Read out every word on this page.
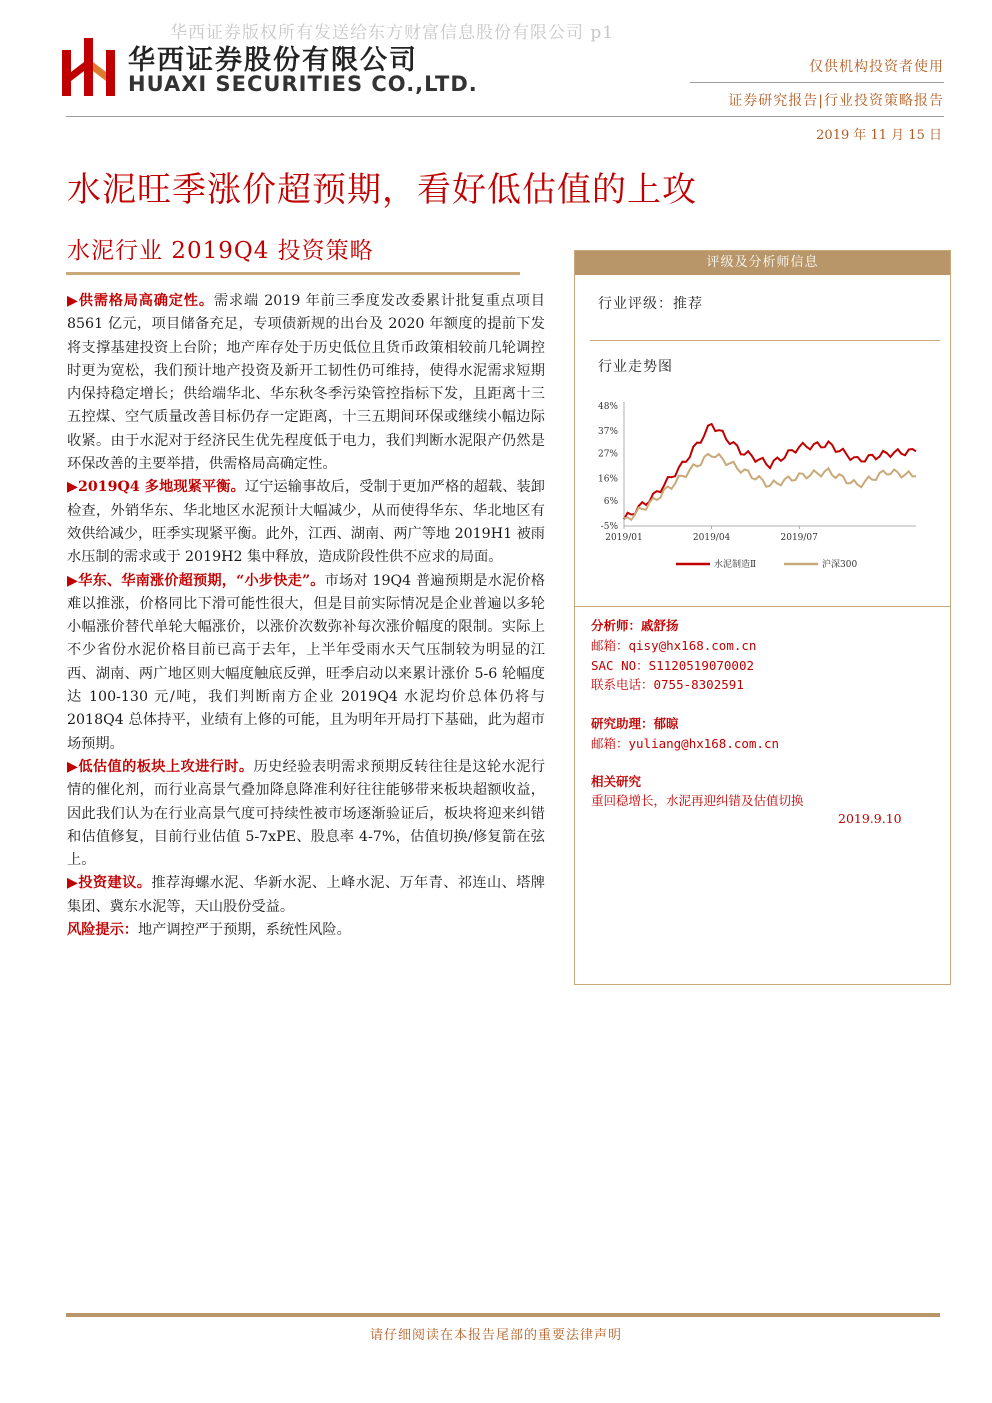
华西证券版权所有发送给东方财富信息股份有限公司 p1
华西证券股份有限公司
HUAXI SECURITIES CO.,LTD.
仅供机构投资者使用
证券研究报告|行业投资策略报告
2019 年 11 月 15 日
水泥旺季涨价超预期，看好低估值的上攻
水泥行业 2019Q4 投资策略

▶供需格局高确定性。需求端 2019 年前三季度发改委累计批复重点项目 8561 亿元，项目储备充足，专项债新规的出台及 2020 年额度的提前下发将支撑基建投资上台阶；地产库存处于历史低位且货币政策相较前几轮调控时更为宽松，我们预计地产投资及新开工韧性仍可维持，使得水泥需求短期内保持稳定增长；供给端华北、华东秋冬季污染管控指标下发，且距离十三五控煤、空气质量改善目标仍存一定距离，十三五期间环保或继续小幅边际收紧。由于水泥对于经济民生优先程度低于电力，我们判断水泥限产仍然是环保改善的主要举措，供需格局高确定性。

▶2019Q4 多地现紧平衡。辽宁运输事故后，受制于更加严格的超载、装卸检查，外销华东、华北地区水泥预计大幅减少，从而使得华东、华北地区有效供给减少，旺季实现紧平衡。此外，江西、湖南、两广等地 2019H1 被雨水压制的需求或于 2019H2 集中释放，造成阶段性供不应求的局面。

▶华东、华南涨价超预期，“小步快走”。市场对 19Q4 普遍预期是水泥价格难以推涨，价格同比下滑可能性很大，但是目前实际情况是企业普遍以多轮小幅涨价替代单轮大幅涨价，以涨价次数弥补每次涨价幅度的限制。实际上不少省份水泥价格目前已高于去年，上半年受雨水天气压制较为明显的江西、湖南、两广地区则大幅度触底反弹，旺季启动以来累计涨价 5-6 轮幅度达 100-130 元/吨，我们判断南方企业 2019Q4 水泥均价总体仍将与 2018Q4 总体持平，业绩有上修的可能，且为明年开局打下基础，此为超市场预期。

▶低估值的板块上攻进行时。历史经验表明需求预期反转往往是这轮水泥行情的催化剂，而行业高景气叠加降息降准利好往往能够带来板块超额收益，因此我们认为在行业高景气度可持续性被市场逐渐验证后，板块将迎来纠错和估值修复，目前行业估值 5-7xPE、股息率 4-7%，估值切换/修复箭在弦上。

▶投资建议。推荐海螺水泥、华新水泥、上峰水泥、万年青、祁连山、塔牌集团、冀东水泥等，天山股份受益。

风险提示：地产调控严于预期，系统性风险。

评级及分析师信息
行业评级：推荐
行业走势图
48%
37%
27%
16%
6%
-5%
2019/01	2019/04	2019/07
水泥制造Ⅱ	沪深300
分析师：戚舒扬
邮箱：qisy@hx168.com.cn
SAC NO：S1120519070002
联系电话：0755-8302591
研究助理：郁晾
邮箱：yuliang@hx168.com.cn
相关研究
重回稳增长，水泥再迎纠错及估值切换
2019.9.10
请仔细阅读在本报告尾部的重要法律声明
